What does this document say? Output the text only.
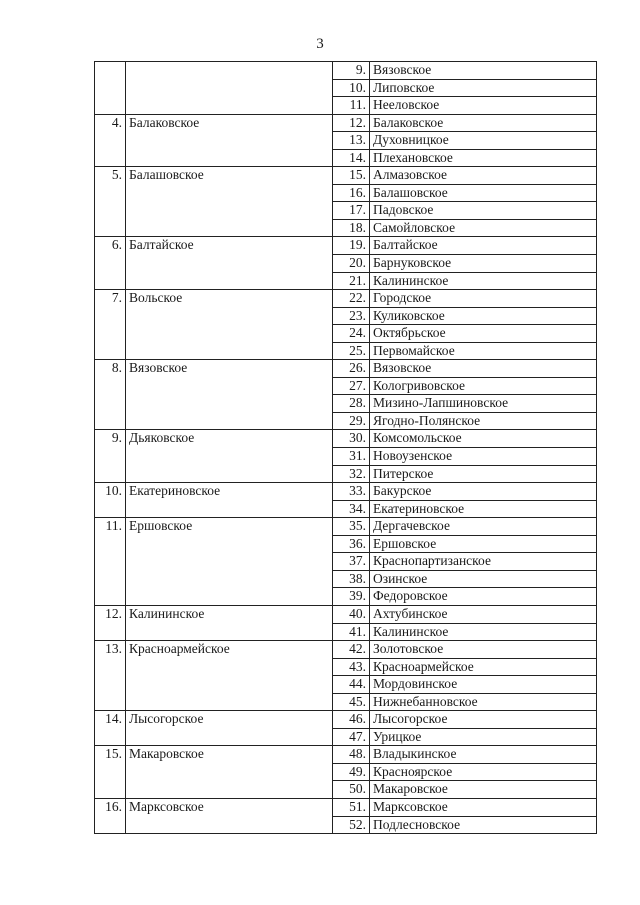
3
		9.	Вязовское
		10.	Липовское
		11.	Нееловское
4.	Балаковское	12.	Балаковское
		13.	Духовницкое
		14.	Плехановское
5.	Балашовское	15.	Алмазовское
		16.	Балашовское
		17.	Падовское
		18.	Самойловское
6.	Балтайское	19.	Балтайское
		20.	Барнуковское
		21.	Калининское
7.	Вольское	22.	Городское
		23.	Куликовское
		24.	Октябрьское
		25.	Первомайское
8.	Вязовское	26.	Вязовское
		27.	Кологривовское
		28.	Мизино-Лапшиновское
		29.	Ягодно-Полянское
9.	Дьяковское	30.	Комсомольское
		31.	Новоузенское
		32.	Питерское
10.	Екатериновское	33.	Бакурское
		34.	Екатериновское
11.	Ершовское	35.	Дергачевское
		36.	Ершовское
		37.	Краснопартизанское
		38.	Озинское
		39.	Федоровское
12.	Калининское	40.	Ахтубинское
		41.	Калининское
13.	Красноармейское	42.	Золотовское
		43.	Красноармейское
		44.	Мордовинское
		45.	Нижнебанновское
14.	Лысогорское	46.	Лысогорское
		47.	Урицкое
15.	Макаровское	48.	Владыкинское
		49.	Красноярское
		50.	Макаровское
16.	Марксовское	51.	Марксовское
		52.	Подлесновское
